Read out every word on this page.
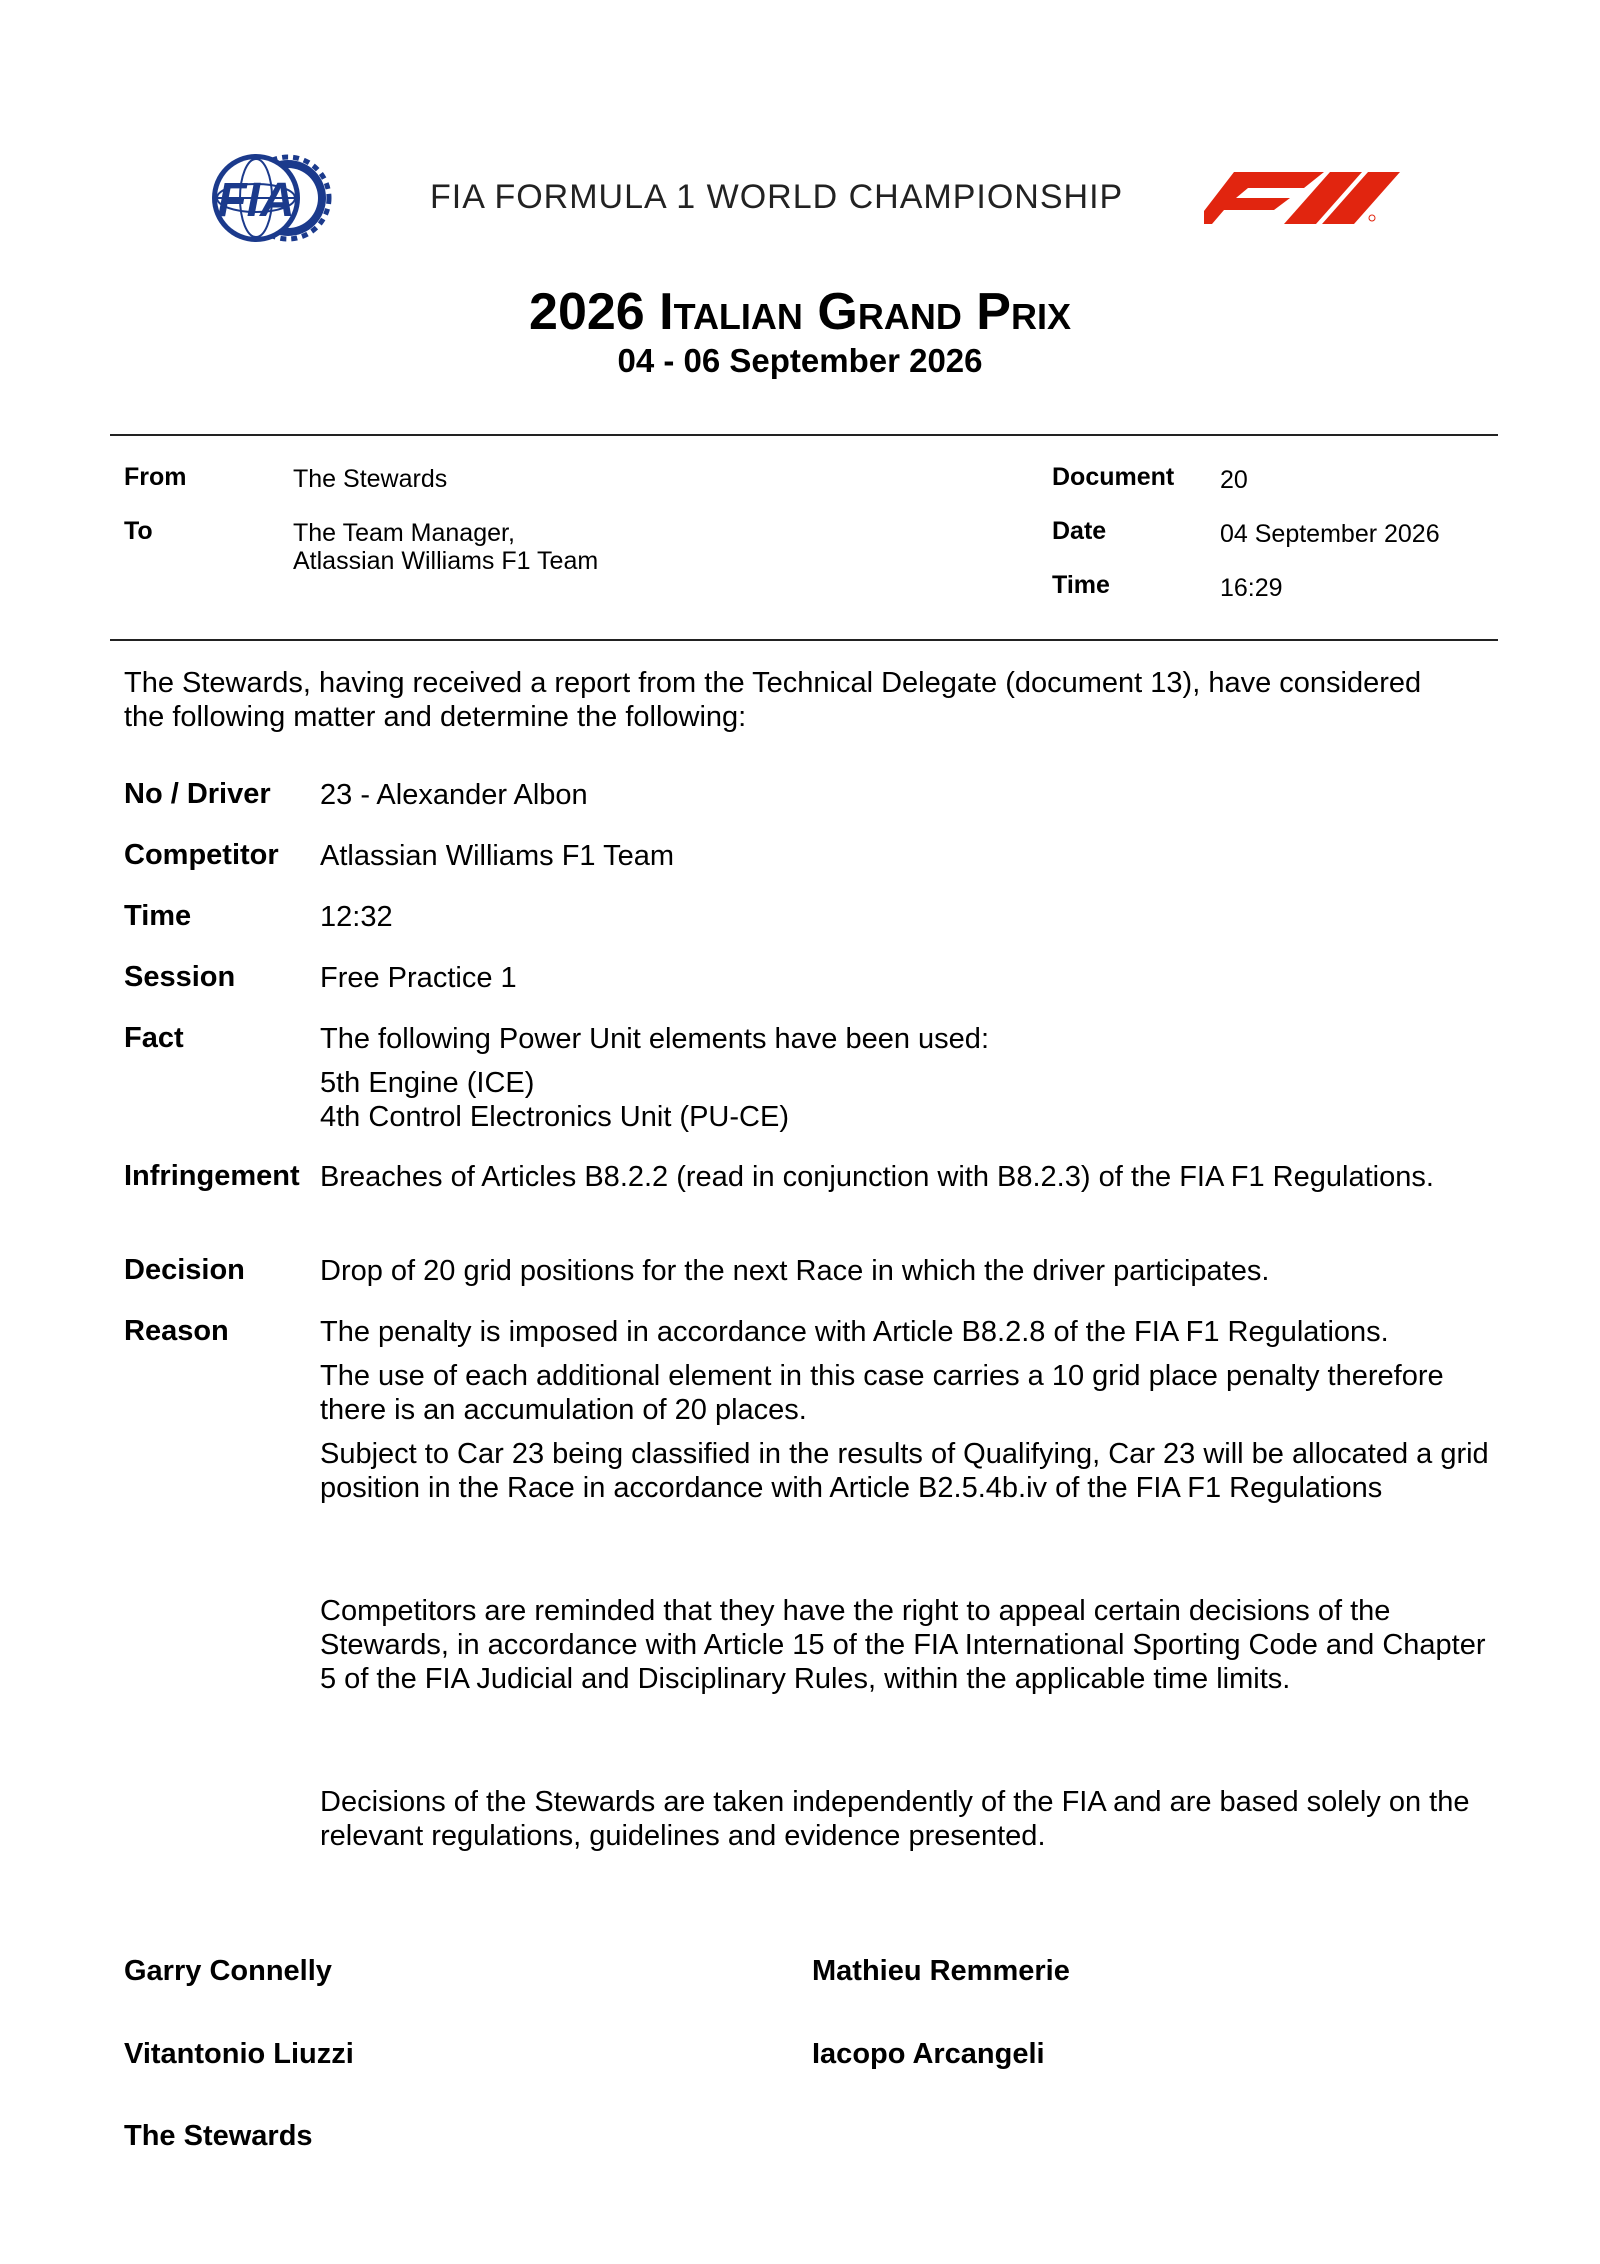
FIA	FIA FORMULA 1 WORLD CHAMPIONSHIP
2026 Italian Grand Prix
04 - 06 September 2026
From	The Stewards
To	The Team Manager,
Atlassian Williams F1 Team
Document 20
Date	04 September 2026
Time	16:29
The Stewards, having received a report from the Technical Delegate (document 13), have considered the following matter and determine the following:
No / Driver 23 - Alexander Albon
Competitor Atlassian Williams F1 Team
Time	12:32
Session	Free Practice 1
Fact	The following Power Unit elements have been used:

5th Engine (ICE)

4th Control Electronics Unit (PU-CE)

Infringement Breaches of Articles B8.2.2 (read in conjunction with B8.2.3) of the FIA F1 Regulations.
Decision	Drop of 20 grid positions for the next Race in which the driver participates.
Reason	The penalty is imposed in accordance with Article B8.2.8 of the FIA F1 Regulations.

The use of each additional element in this case carries a 10 grid place penalty therefore there is an accumulation of 20 places.

Subject to Car 23 being classified in the results of Qualifying, Car 23 will be allocated a grid position in the Race in accordance with Article B2.5.4b.iv of the FIA F1 Regulations

Competitors are reminded that they have the right to appeal certain decisions of the Stewards, in accordance with Article 15 of the FIA International Sporting Code and Chapter 5 of the FIA Judicial and Disciplinary Rules, within the applicable time limits.
Decisions of the Stewards are taken independently of the FIA and are based solely on the relevant regulations, guidelines and evidence presented.
Garry Connelly	Mathieu Remmerie
Vitantonio Liuzzi	Iacopo Arcangeli
The Stewards
